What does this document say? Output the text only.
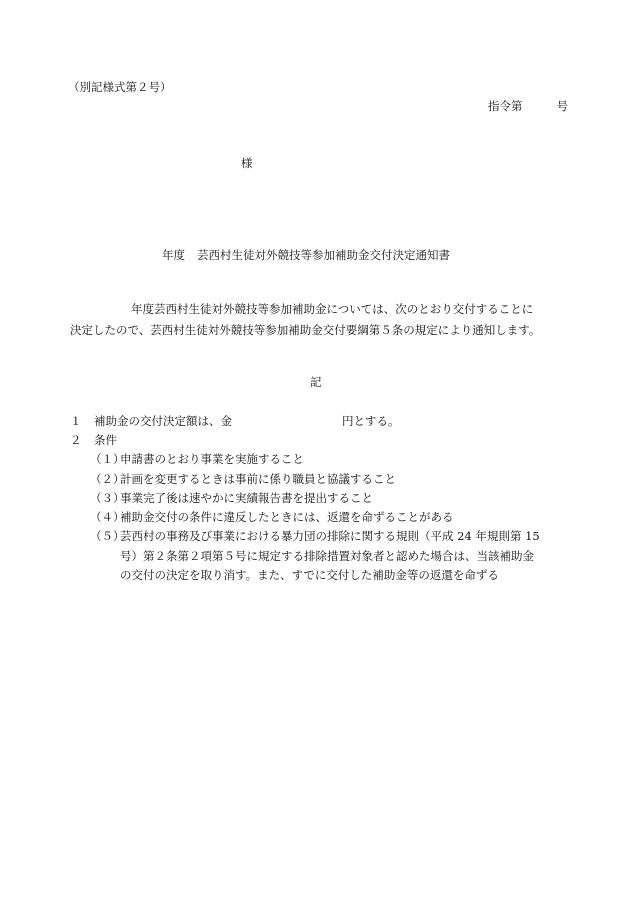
（別記様式第２号）
指令第	号
様
年度 芸西村生徒対外競技等参加補助金交付決定通知書
年度芸西村生徒対外競技等参加補助金については、次のとおり交付することに
決定したので、芸西村生徒対外競技等参加補助金交付要綱第５条の規定により通知します。
記
１ 補助金の交付決定額は、金	円とする。
２ 条件
（１）申請書のとおり事業を実施すること
（２）計画を変更するときは事前に係り職員と協議すること
（３）事業完了後は速やかに実績報告書を提出すること
（４）補助金交付の条件に違反したときには、返還を命ずることがある
（５）芸西村の事務及び事業における暴力団の排除に関する規則（平成 24 年規則第 15
号）第２条第２項第５号に規定する排除措置対象者と認めた場合は、当該補助金
の交付の決定を取り消す。また、すでに交付した補助金等の返還を命ずる
